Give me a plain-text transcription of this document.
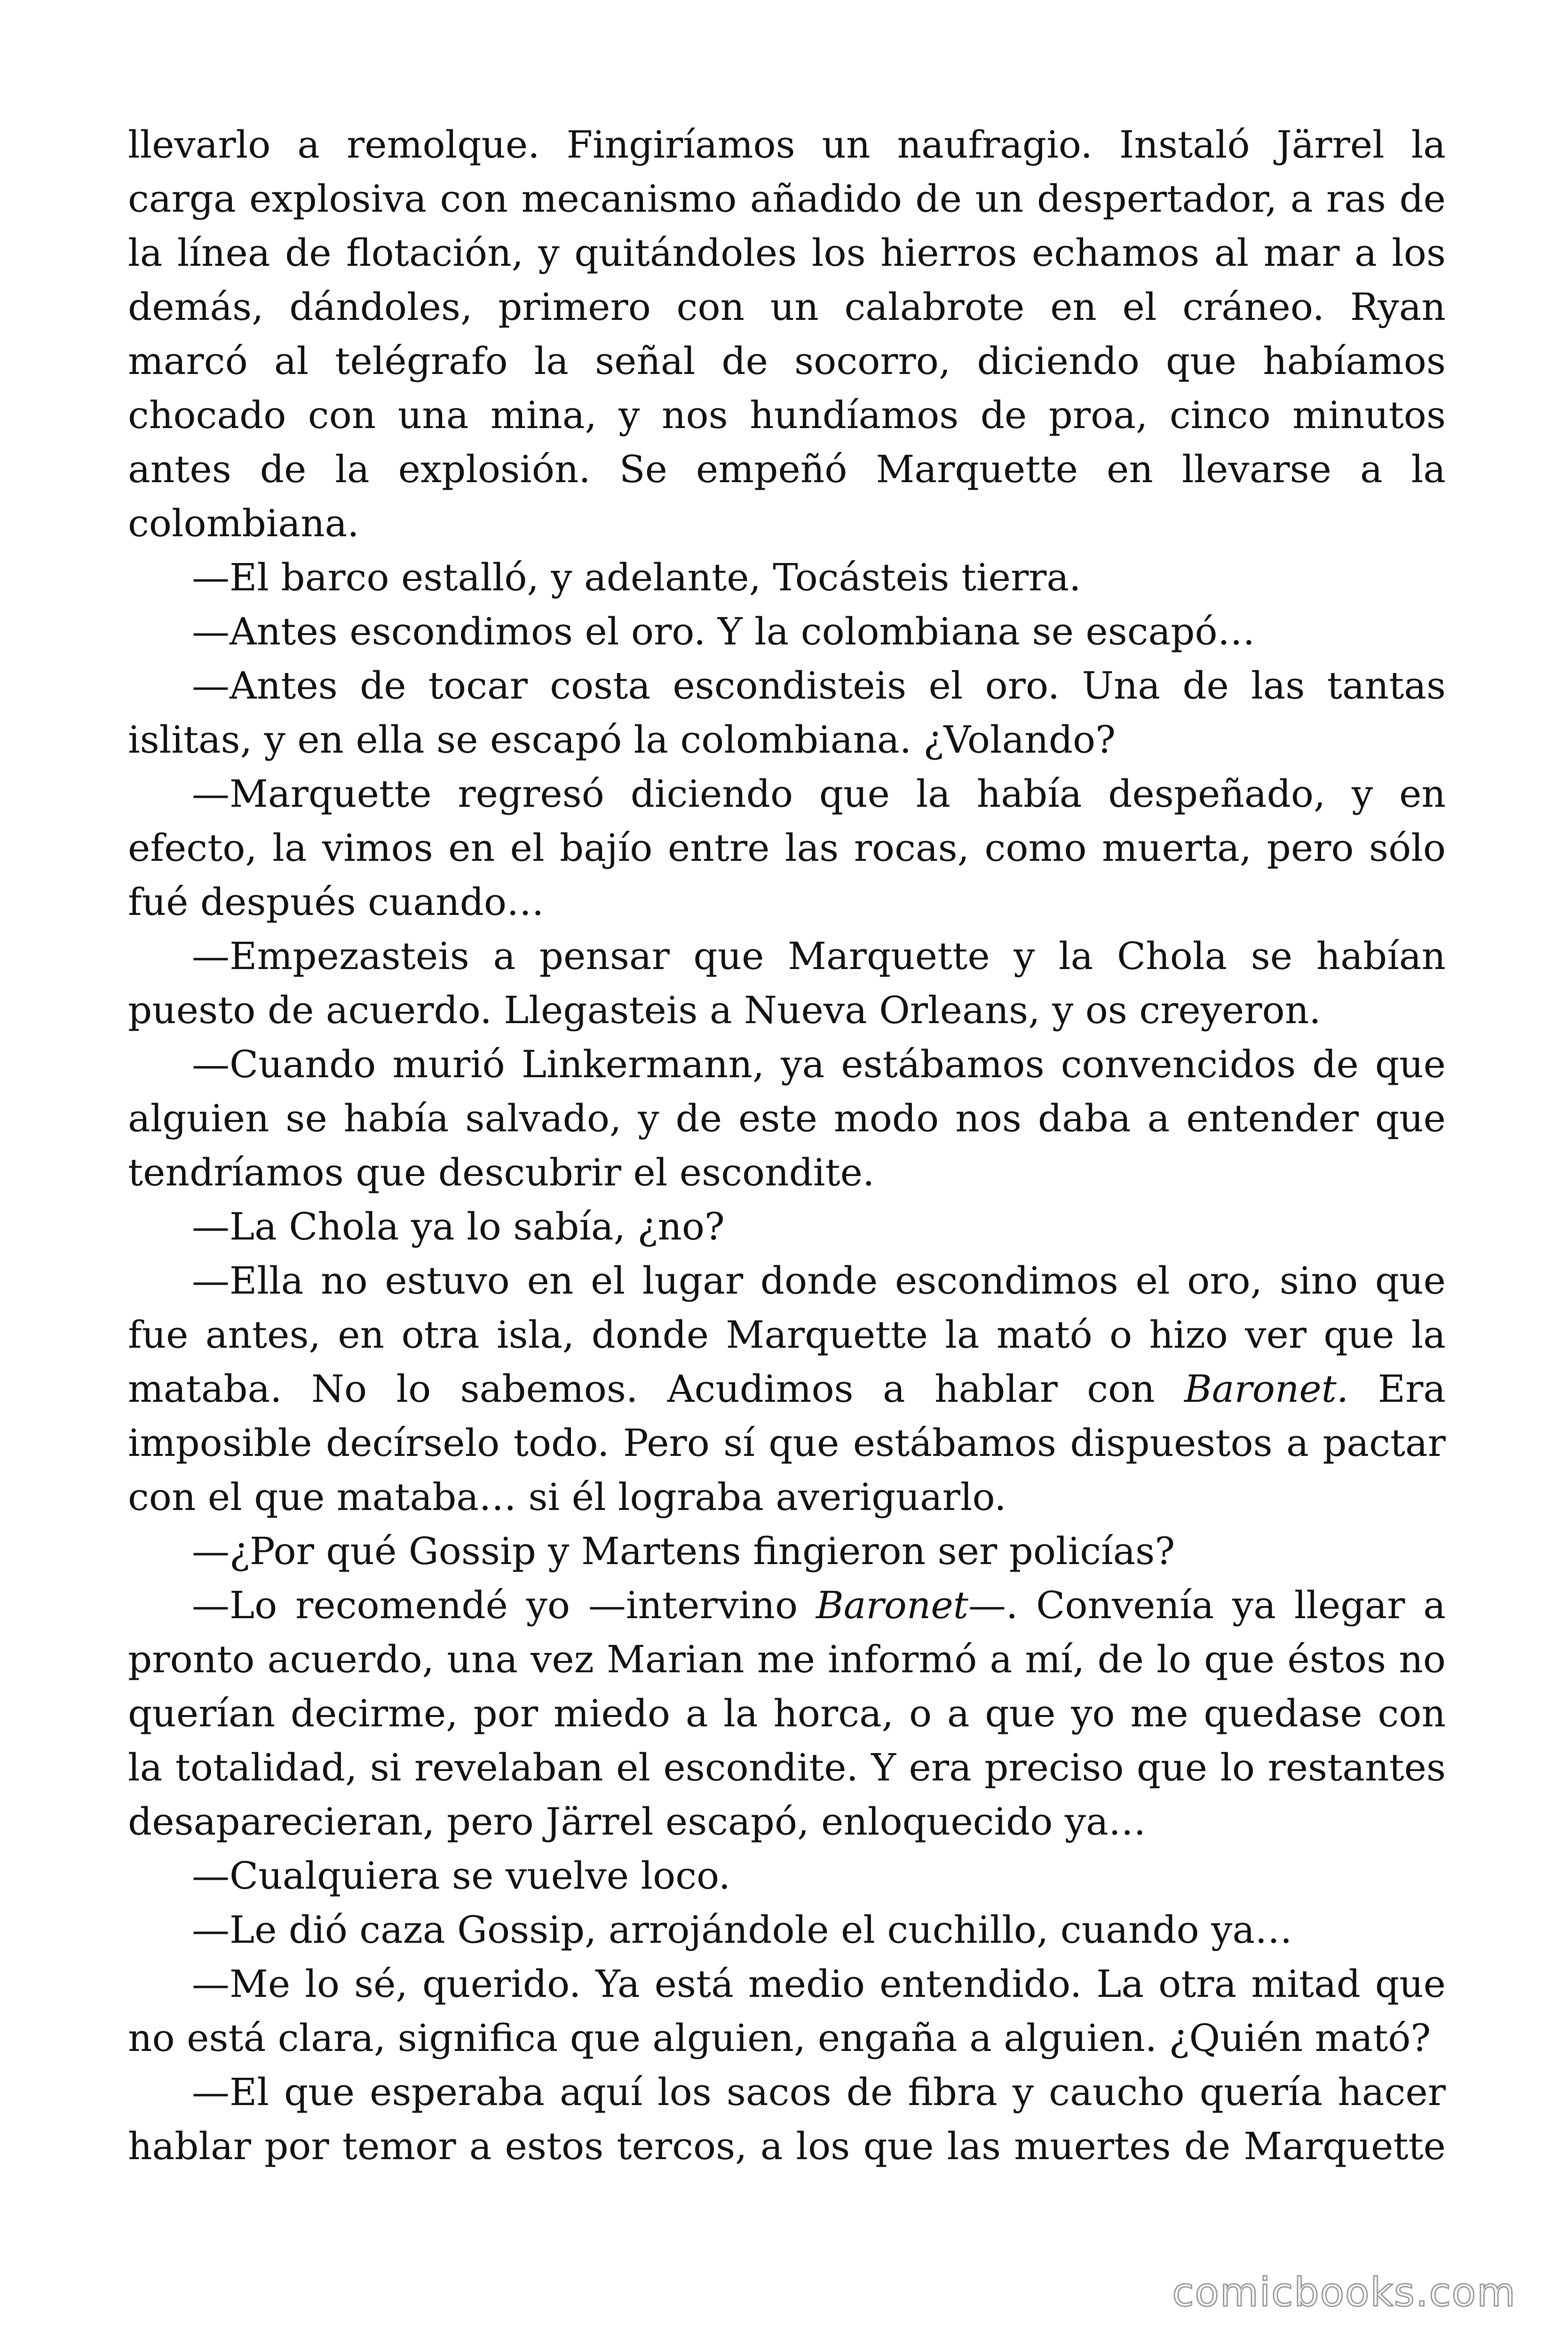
llevarlo a remolque. Fingiríamos un naufragio. Instaló Järrel la carga explosiva con mecanismo añadido de un despertador, a ras de la línea de flotación, y quitándoles los hierros echamos al mar a los demás, dándoles, primero con un calabrote en el cráneo. Ryan marcó al telégrafo la señal de socorro, diciendo que habíamos chocado con una mina, y nos hundíamos de proa, cinco minutos antes de la explosión. Se empeñó Marquette en llevarse a la colombiana.

—El barco estalló, y adelante, Tocásteis tierra.

—Antes escondimos el oro. Y la colombiana se escapó…

—Antes de tocar costa escondisteis el oro. Una de las tantas islitas, y en ella se escapó la colombiana. ¿Volando?

—Marquette regresó diciendo que la había despeñado, y en efecto, la vimos en el bajío entre las rocas, como muerta, pero sólo fué después cuando…

—Empezasteis a pensar que Marquette y la Chola se habían puesto de acuerdo. Llegasteis a Nueva Orleans, y os creyeron.

—Cuando murió Linkermann, ya estábamos convencidos de que alguien se había salvado, y de este modo nos daba a entender que tendríamos que descubrir el escondite.

—La Chola ya lo sabía, ¿no?

—Ella no estuvo en el lugar donde escondimos el oro, sino que fue antes, en otra isla, donde Marquette la mató o hizo ver que la mataba. No lo sabemos. Acudimos a hablar con Baronet. Era imposible decírselo todo. Pero sí que estábamos dispuestos a pactar con el que mataba… si él lograba averiguarlo.

—¿Por qué Gossip y Martens fingieron ser policías?

—Lo recomendé yo —intervino Baronet—. Convenía ya llegar a pronto acuerdo, una vez Marian me informó a mí, de lo que éstos no querían decirme, por miedo a la horca, o a que yo me quedase con la totalidad, si revelaban el escondite. Y era preciso que lo restantes desaparecieran, pero Järrel escapó, enloquecido ya…

—Cualquiera se vuelve loco.

—Le dió caza Gossip, arrojándole el cuchillo, cuando ya…

—Me lo sé, querido. Ya está medio entendido. La otra mitad que no está clara, significa que alguien, engaña a alguien. ¿Quién mató?

—El que esperaba aquí los sacos de fibra y caucho quería hacer hablar por temor a estos tercos, a los que las muertes de Marquette

comicbooks.com
